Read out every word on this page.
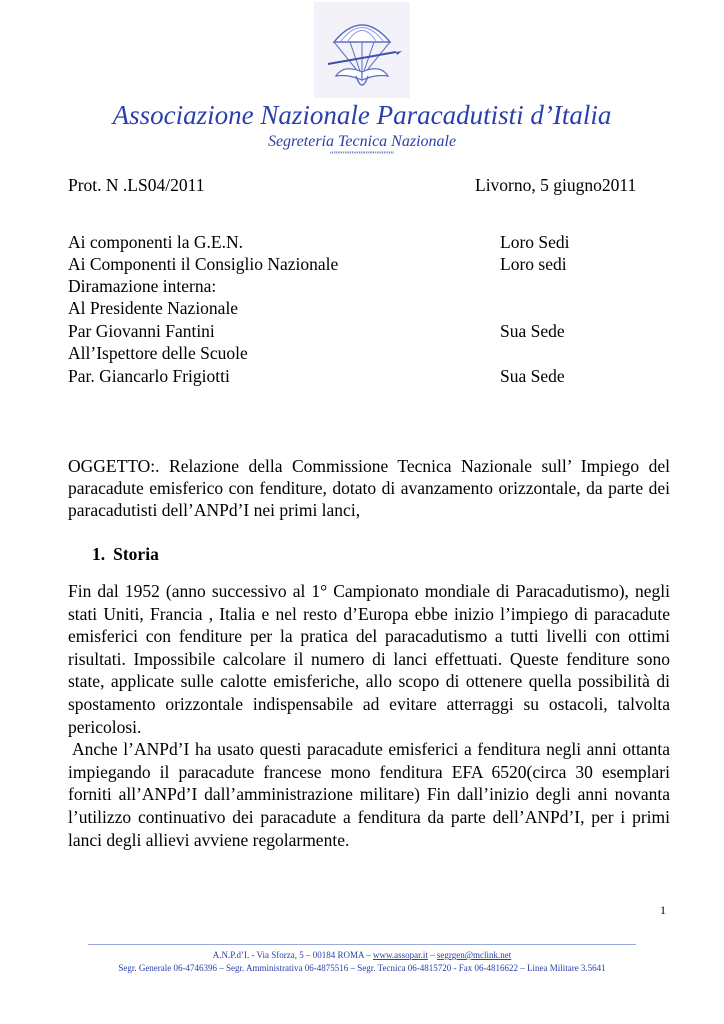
Associazione Nazionale Paracadutisti d’Italia
Segreteria Tecnica Nazionale
“”””””””””””””””””
Prot. N .LS04/2011	Livorno, 5 giugno2011
Ai componenti la G.E.N.	Loro Sedi
Ai Componenti il Consiglio Nazionale	Loro sedi
Diramazione interna:
Al Presidente Nazionale
Par Giovanni Fantini	Sua Sede
All’Ispettore delle Scuole
Par. Giancarlo Frigiotti	Sua Sede
OGGETTO:. Relazione della Commissione Tecnica Nazionale sull’ Impiego del paracadute emisferico con fenditure, dotato di avanzamento orizzontale, da parte dei paracadutisti dell’ANPd’I nei primi lanci,
1. Storia

Fin dal 1952 (anno successivo al 1° Campionato mondiale di Paracadutismo), negli stati Uniti, Francia , Italia e nel resto d’Europa ebbe inizio l’impiego di paracadute emisferici con fenditure per la pratica del paracadutismo a tutti livelli con ottimi risultati. Impossibile calcolare il numero di lanci effettuati. Queste fenditure sono state, applicate sulle calotte emisferiche, allo scopo di ottenere quella possibilità di spostamento orizzontale indispensabile ad evitare atterraggi su ostacoli, talvolta pericolosi.

Anche l’ANPd’I ha usato questi paracadute emisferici a fenditura negli anni ottanta impiegando il paracadute francese mono fenditura EFA 6520(circa 30 esemplari forniti all’ANPd’I dall’amministrazione militare) Fin dall’inizio degli anni novanta l’utilizzo continuativo dei paracadute a fenditura da parte dell’ANPd’I, per i primi lanci degli allievi avviene regolarmente.

1
A.N.P.d’I. - Via Sforza, 5 – 00184 ROMA – www.assopar.it – segrgen@mclink.net
Segr. Generale 06-4746396 – Segr. Amministrativa 06-4875516 – Segr. Tecnica 06-4815720 - Fax 06-4816622 – Linea Militare 3.5641
